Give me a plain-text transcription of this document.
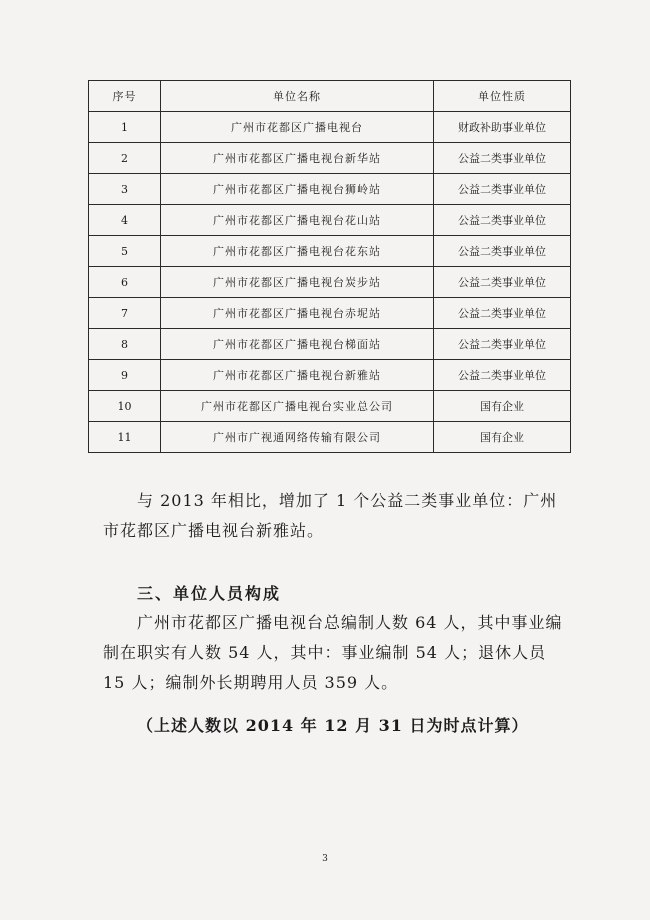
序号	单位名称	单位性质
1	广州市花都区广播电视台	财政补助事业单位
2	广州市花都区广播电视台新华站	公益二类事业单位
3	广州市花都区广播电视台狮岭站	公益二类事业单位
4	广州市花都区广播电视台花山站	公益二类事业单位
5	广州市花都区广播电视台花东站	公益二类事业单位
6	广州市花都区广播电视台炭步站	公益二类事业单位
7	广州市花都区广播电视台赤坭站	公益二类事业单位
8	广州市花都区广播电视台梯面站	公益二类事业单位
9	广州市花都区广播电视台新雅站	公益二类事业单位
10	广州市花都区广播电视台实业总公司	国有企业
11	广州市广视通网络传输有限公司	国有企业

与 2013 年相比，增加了 1 个公益二类事业单位：广州市花都区广播电视台新雅站。

三、单位人员构成

广州市花都区广播电视台总编制人数 64 人，其中事业编制在职实有人数 54 人，其中：事业编制 54 人；退休人员 15 人；编制外长期聘用人员 359 人。

（上述人数以 2014 年 12 月 31 日为时点计算）

3
